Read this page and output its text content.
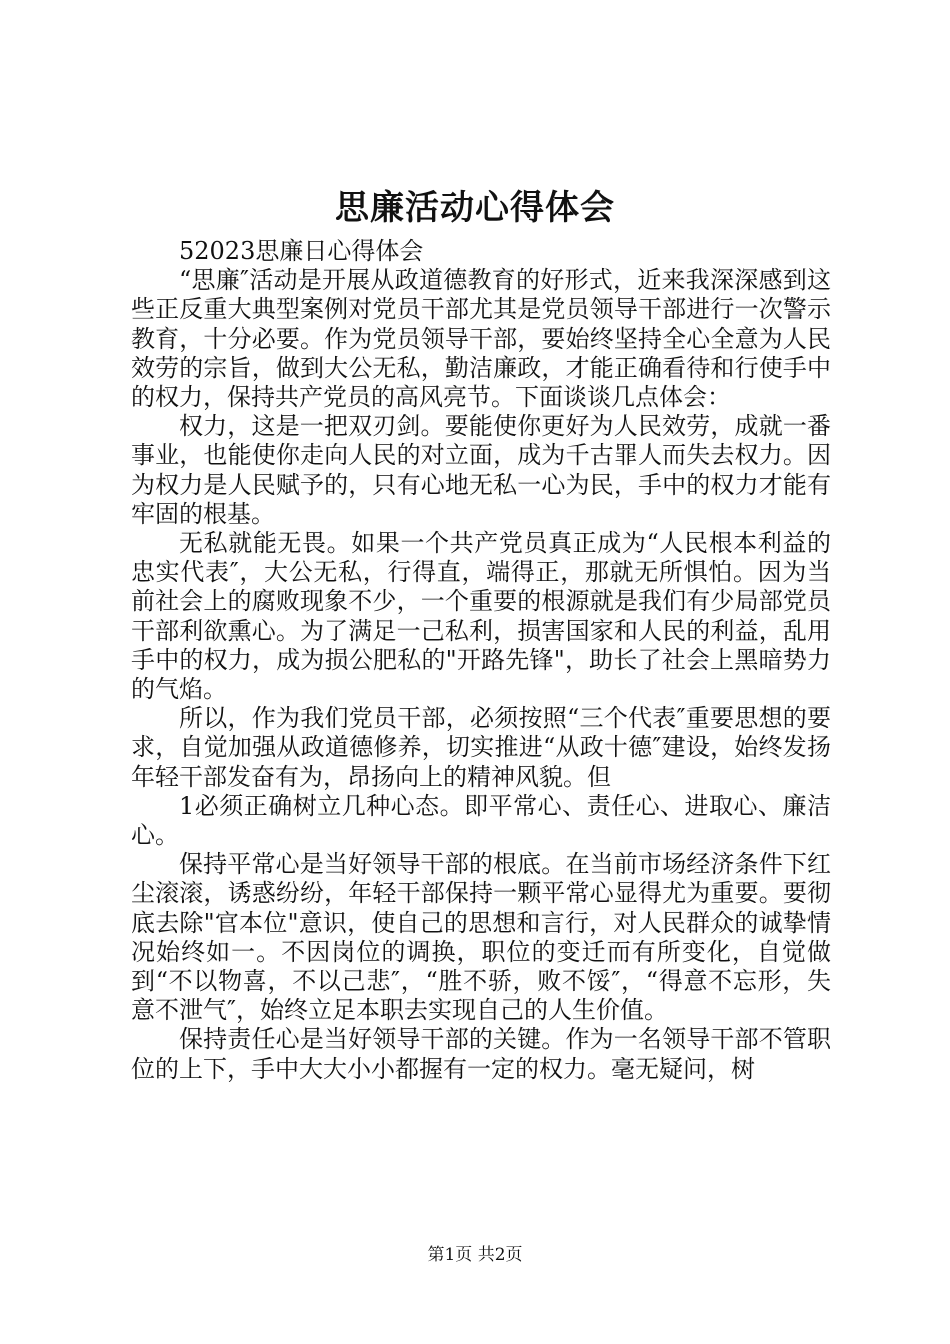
思廉活动心得体会

52023思廉日心得体会

“思廉″活动是开展从政道德教育的好形式，近来我深深感到这些正反重大典型案例对党员干部尤其是党员领导干部进行一次警示教育，十分必要。作为党员领导干部，要始终坚持全心全意为人民效劳的宗旨，做到大公无私，勤洁廉政，才能正确看待和行使手中的权力，保持共产党员的高风亮节。下面谈谈几点体会：

权力，这是一把双刃剑。要能使你更好为人民效劳，成就一番事业，也能使你走向人民的对立面，成为千古罪人而失去权力。因为权力是人民赋予的，只有心地无私一心为民，手中的权力才能有牢固的根基。

无私就能无畏。如果一个共产党员真正成为“人民根本利益的忠实代表″，大公无私，行得直，端得正，那就无所惧怕。因为当前社会上的腐败现象不少，一个重要的根源就是我们有少局部党员干部利欲熏心。为了满足一己私利，损害国家和人民的利益，乱用手中的权力，成为损公肥私的"开路先锋"，助长了社会上黑暗势力的气焰。

所以，作为我们党员干部，必须按照“三个代表″重要思想的要求，自觉加强从政道德修养，切实推进“从政十德″建设，始终发扬年轻干部发奋有为，昂扬向上的精神风貌。但

1必须正确树立几种心态。即平常心、责任心、进取心、廉洁心。

保持平常心是当好领导干部的根底。在当前市场经济条件下红尘滚滚，诱惑纷纷，年轻干部保持一颗平常心显得尤为重要。要彻底去除"官本位"意识，使自己的思想和言行，对人民群众的诚挚情况始终如一。不因岗位的调换，职位的变迁而有所变化，自觉做到“不以物喜，不以己悲″，“胜不骄，败不馁″，“得意不忘形，失意不泄气″，始终立足本职去实现自己的人生价值。

保持责任心是当好领导干部的关键。作为一名领导干部不管职位的上下，手中大大小小都握有一定的权力。毫无疑问，树

第1页 共2页
